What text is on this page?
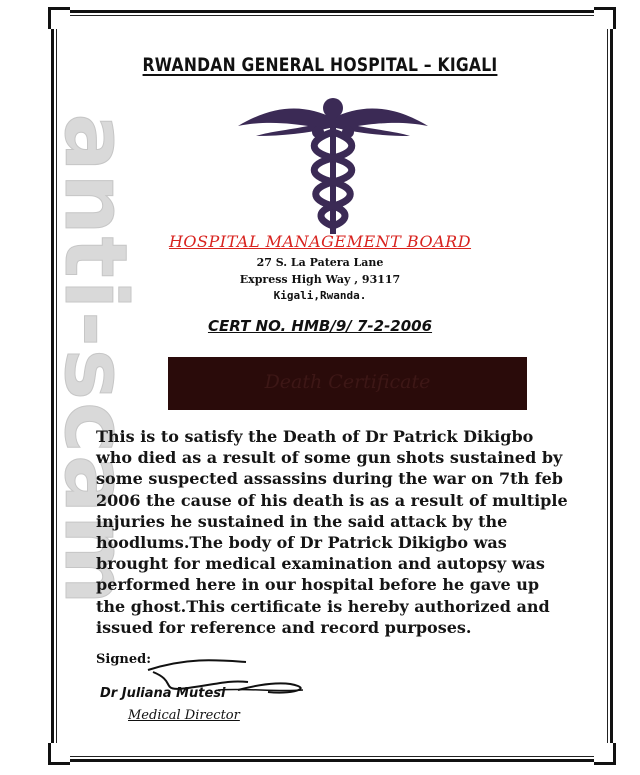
anti-scam
RWANDAN GENERAL HOSPITAL – KIGALI
HOSPITAL MANAGEMENT BOARD
27 S. La Patera Lane
Express High Way , 93117
Kigali,Rwanda.
CERT NO. HMB/9/ 7-2-2006
Death Certificate
This is to satisfy the Death of Dr Patrick Dikigbo
who died as a result of some gun shots sustained by
some suspected assassins during the war on 7th feb
2006 the cause of his death is as a result of multiple
injuries he sustained in the said attack by the
hoodlums.The body of Dr Patrick Dikigbo was
brought for medical examination and autopsy was
performed here in our hospital before he gave up
the ghost.This certificate is hereby authorized and
issued for reference and record purposes.
Signed:
Dr Juliana Mutesi
Medical Director
